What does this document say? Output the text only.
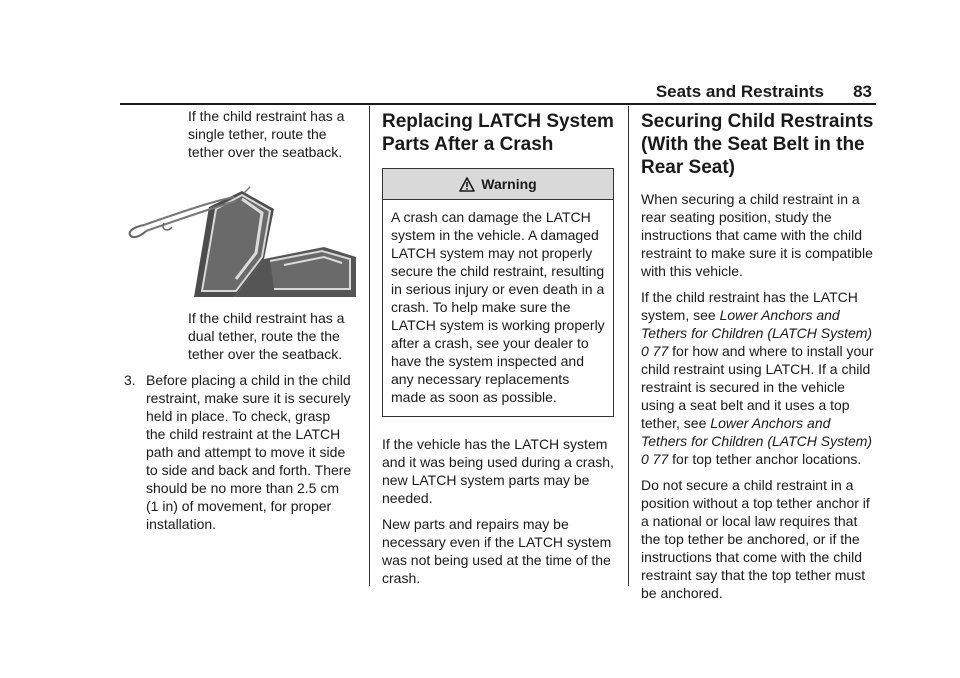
Seats and Restraints 83

If the child restraint has a single tether, route the tether over the seatback.

If the child restraint has a dual tether, route the the tether over the seatback.

3. Before placing a child in the child restraint, make sure it is securely held in place. To check, grasp the child restraint at the LATCH path and attempt to move it side to side and back and forth. There should be no more than 2.5 cm (1 in) of movement, for proper installation.
Replacing LATCH System Parts After a Crash
Warning
A crash can damage the LATCH system in the vehicle. A damaged LATCH system may not properly secure the child restraint, resulting in serious injury or even death in a crash. To help make sure the LATCH system is working properly after a crash, see your dealer to have the system inspected and any necessary replacements made as soon as possible.

If the vehicle has the LATCH system and it was being used during a crash, new LATCH system parts may be needed.

New parts and repairs may be necessary even if the LATCH system was not being used at the time of the crash.

Securing Child Restraints (With the Seat Belt in the Rear Seat)

When securing a child restraint in a rear seating position, study the instructions that came with the child restraint to make sure it is compatible with this vehicle.

If the child restraint has the LATCH system, see Lower Anchors and Tethers for Children (LATCH System) 0 77 for how and where to install your child restraint using LATCH. If a child restraint is secured in the vehicle using a seat belt and it uses a top tether, see Lower Anchors and Tethers for Children (LATCH System) 0 77 for top tether anchor locations.

Do not secure a child restraint in a position without a top tether anchor if a national or local law requires that the top tether be anchored, or if the instructions that come with the child restraint say that the top tether must be anchored.
